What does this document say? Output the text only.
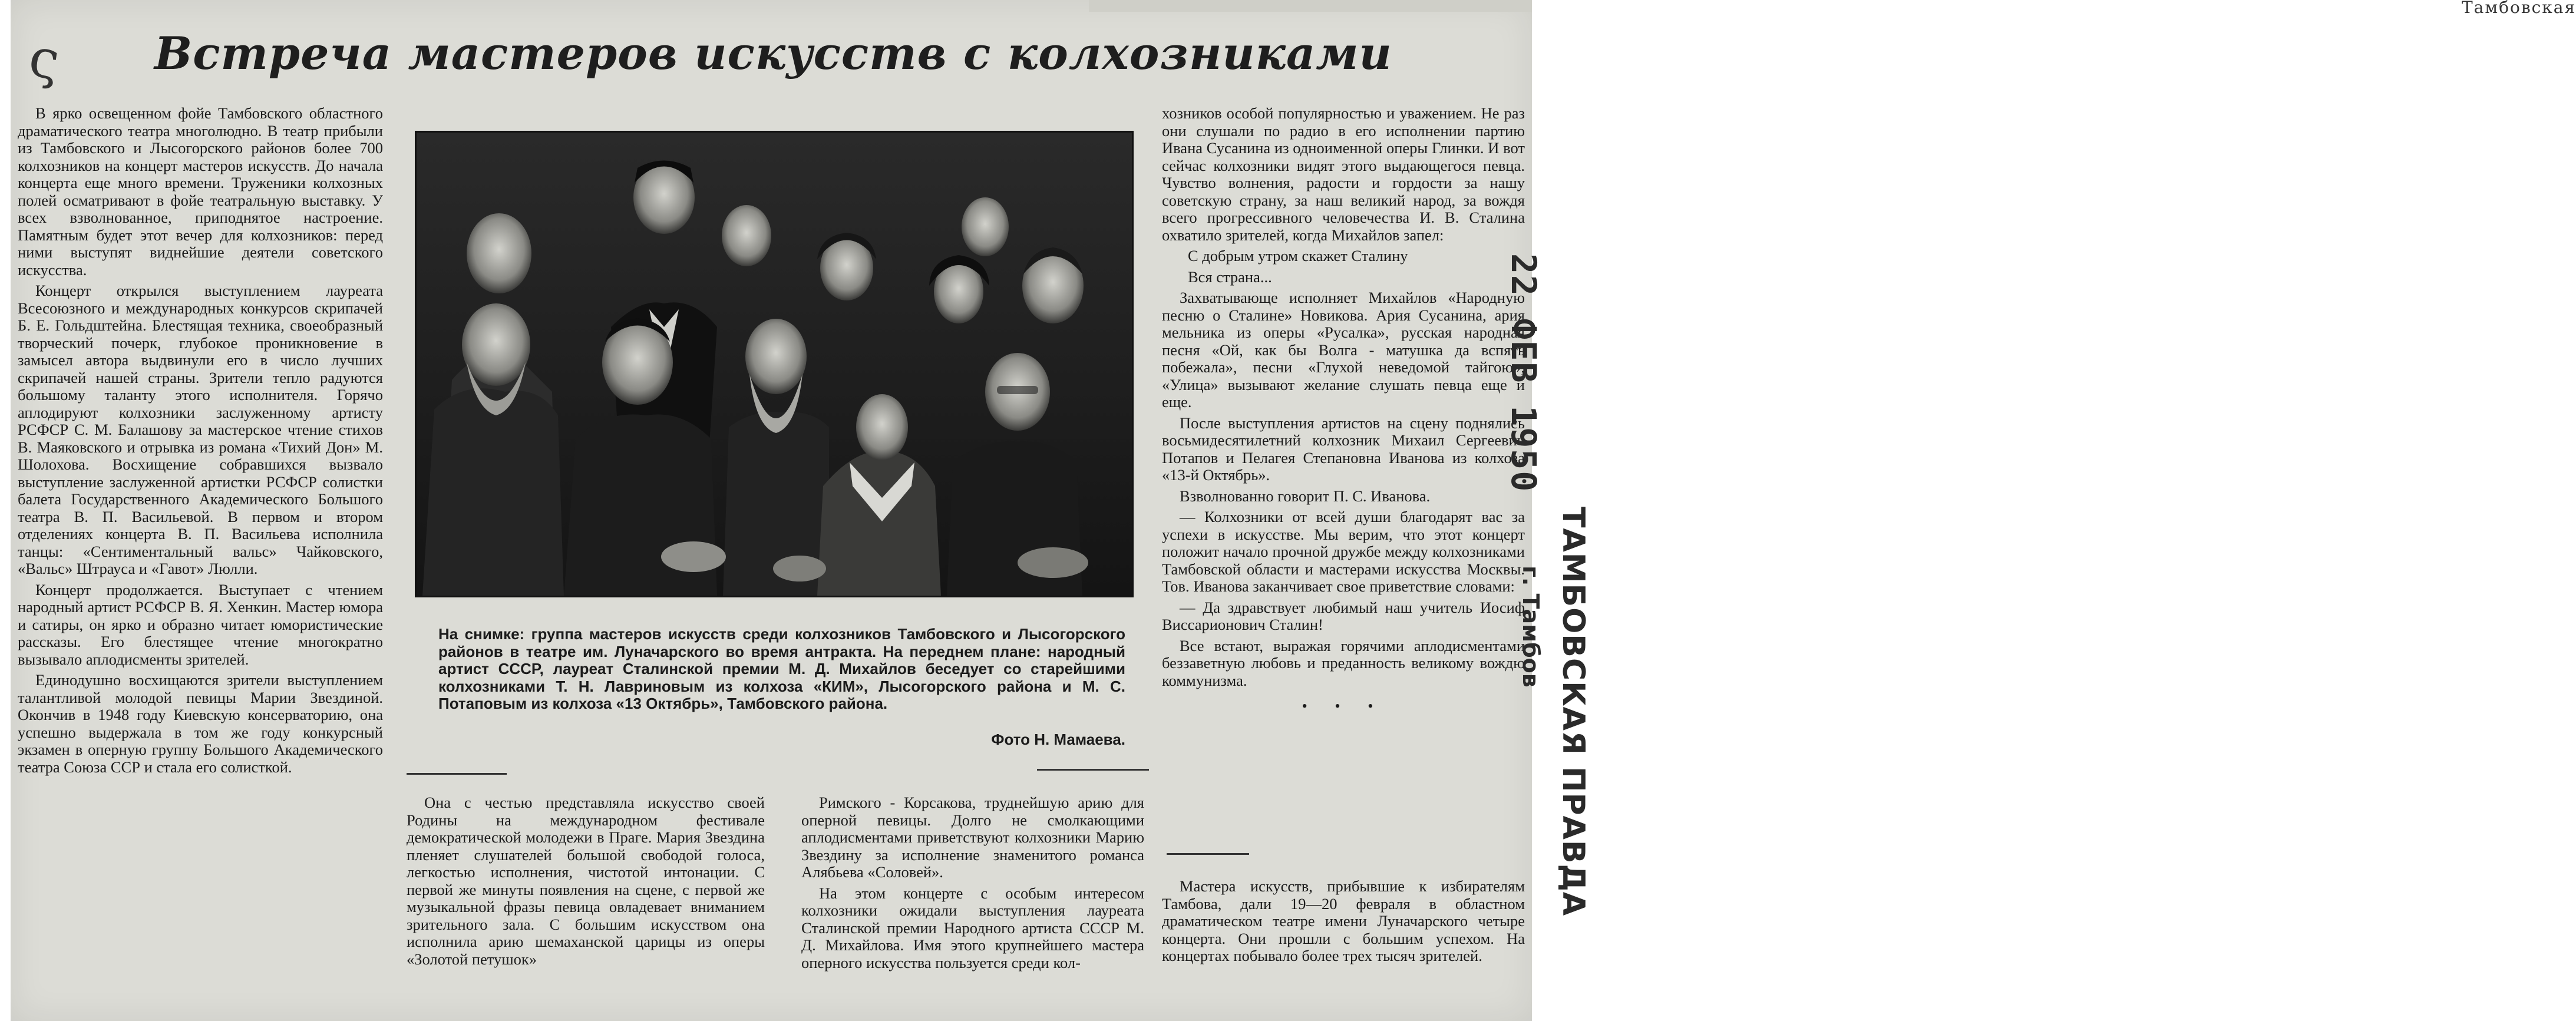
Тамбовская
ς Встреча мастеров искусств с колхозниками

В ярко освещенном фойе Тамбовского областного драматического театра многолюдно. В театр прибыли из Тамбовского и Лысогорского районов более 700 колхозников на концерт мастеров искусств. До начала концерта еще много времени. Труженики колхозных полей осматривают в фойе театральную выставку. У всех взволнованное, приподнятое настроение. Памятным будет этот вечер для колхозников: перед ними выступят виднейшие деятели советского искусства.

Концерт открылся выступлением лауреата Всесоюзного и международных конкурсов скрипачей Б. Е. Гольдштейна. Блестящая техника, своеобразный творческий почерк, глубокое проникновение в замысел автора выдвинули его в число лучших скрипачей нашей страны. Зрители тепло радуются большому таланту этого исполнителя. Горячо аплодируют колхозники заслуженному артисту РСФСР С. М. Балашову за мастерское чтение стихов В. Маяковского и отрывка из романа «Тихий Дон» М. Шолохова. Восхищение собравшихся вызвало выступление заслуженной артистки РСФСР солистки балета Государственного Академического Большого театра В. П. Васильевой. В первом и втором отделениях концерта В. П. Васильева исполнила танцы: «Сентиментальный вальс» Чайковского, «Вальс» Штрауса и «Гавот» Люлли.

Концерт продолжается. Выступает с чтением народный артист РСФСР В. Я. Хенкин. Мастер юмора и сатиры, он ярко и образно читает юмористические рассказы. Его блестящее чтение многократно вызывало аплодисменты зрителей.

Единодушно восхищаются зрители выступлением талантливой молодой певицы Марии Звездиной. Окончив в 1948 году Киевскую консерваторию, она успешно выдержала в том же году конкурсный экзамен в оперную группу Большого Академического театра Союза ССР и стала его солисткой.

Она с честью представляла искусство своей Родины на международном фестивале демократической молодежи в Праге. Мария Звездина пленяет слушателей большой свободой голоса, легкостью исполнения, чистотой интонации. С первой же минуты появления на сцене, с первой же музыкальной фразы певица овладевает вниманием зрительного зала. С большим искусством она исполнила арию шемаханской царицы из оперы «Золотой петушок»

Римского - Корсакова, труднейшую арию для оперной певицы. Долго не смолкающими аплодисментами приветствуют колхозники Марию Звездину за исполнение знаменитого романса Алябьева «Соловей».

На этом концерте с особым интересом колхозники ожидали выступления лауреата Сталинской премии Народного артиста СССР М. Д. Михайлова. Имя этого крупнейшего мастера оперного искусства пользуется среди кол-

хозников особой популярностью и уважением. Не раз они слушали по радио в его исполнении партию Ивана Сусанина из одноименной оперы Глинки. И вот сейчас колхозники видят этого выдающегося певца. Чувство волнения, радости и гордости за нашу советскую страну, за наш великий народ, за вождя всего прогрессивного человечества И. В. Сталина охватило зрителей, когда Михайлов запел:

С добрым утром скажет Сталину

Вся страна...

Захватывающе исполняет Михайлов «Народную песню о Сталине» Новикова. Ария Сусанина, ария мельника из оперы «Русалка», русская народная песня «Ой, как бы Волга - матушка да вспять побежала», песни «Глухой неведомой тайгою», «Улица» вызывают желание слушать певца еще и еще.

После выступления артистов на сцену поднялись восьмидесятилетний колхозник Михаил Сергеевич Потапов и Пелагея Степановна Иванова из колхоза «13-й Октябрь».

Взволнованно говорит П. С. Иванова.

— Колхозники от всей души благодарят вас за успехи в искусстве. Мы верим, что этот концерт положит начало прочной дружбе между колхозниками Тамбовской области и мастерами искусства Москвы. Тов. Иванова заканчивает свое приветствие словами:

— Да здравствует любимый наш учитель Иосиф Виссарионович Сталин!

Все встают, выражая горячими аплодисментами беззаветную любовь и преданность великому вождю коммунизма.

• • •

Мастера искусств, прибывшие к избирателям Тамбова, дали 19—20 февраля в областном драматическом театре имени Луначарского четыре концерта. Они прошли с большим успехом. На концертах побывало более трех тысяч зрителей.

На снимке: группа мастеров искусств среди колхозников Тамбовского и Лысогорского районов в театре им. Луначарского во время антракта. На переднем плане: народный артист СССР, лауреат Сталинской премии М. Д. Михайлов беседует со старейшими колхозниками Т. Н. Лавриновым из колхоза «КИМ», Лысогорского района и М. С. Потаповым из колхоза «13 Октябрь», Тамбовского района.
Фото Н. Мамаева.
22 ФЕВ 1950
ТАМБОВСКАЯ ПРАВДА
г. Тамбов
